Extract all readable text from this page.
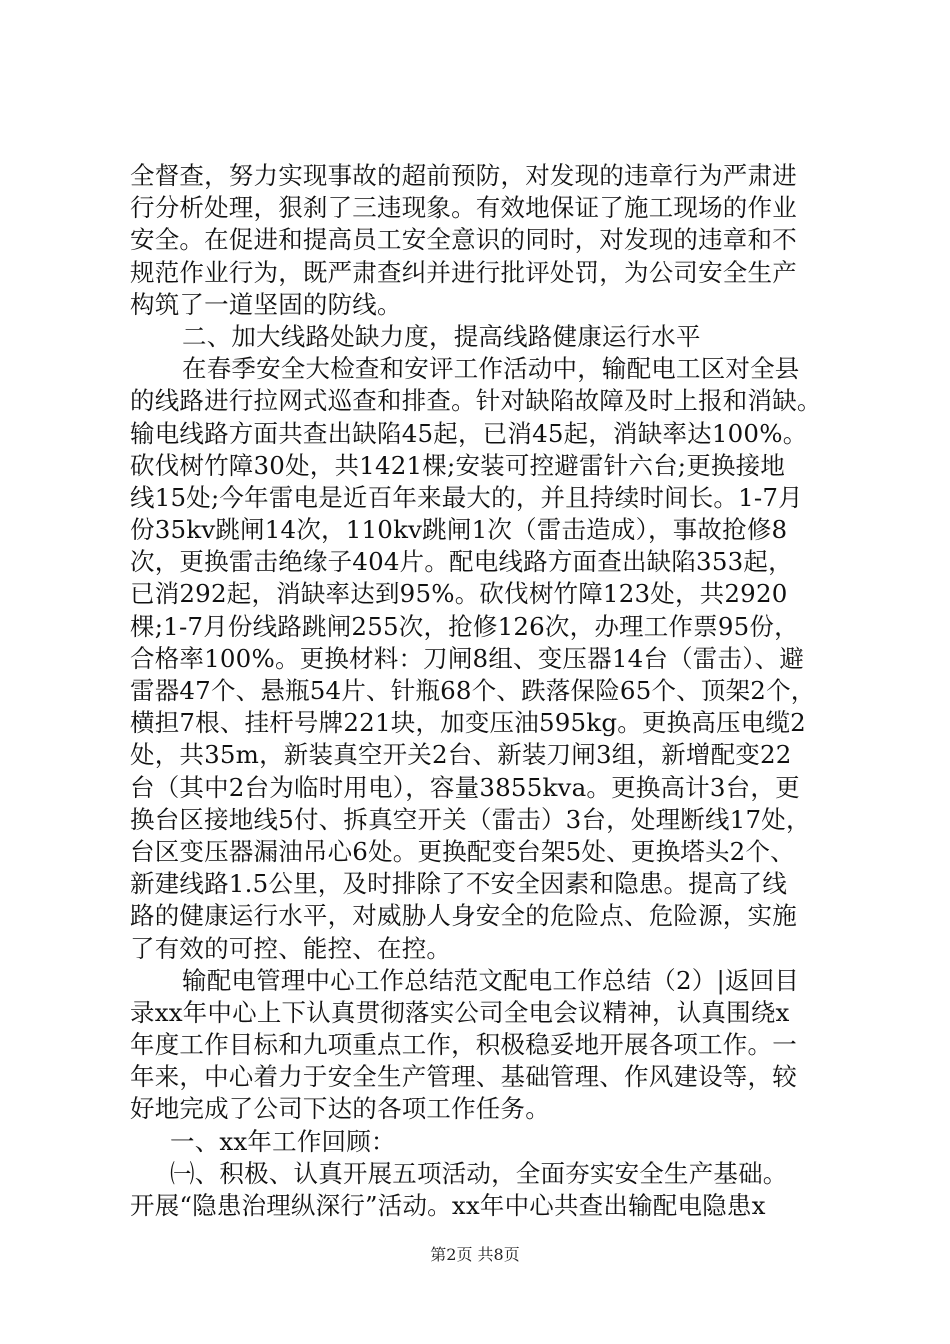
全督查，努力实现事故的超前预防，对发现的违章行为严肃进
行分析处理，狠刹了三违现象。有效地保证了施工现场的作业
安全。在促进和提高员工安全意识的同时，对发现的违章和不
规范作业行为，既严肃查纠并进行批评处罚，为公司安全生产
构筑了一道坚固的防线。
二、加大线路处缺力度，提高线路健康运行水平
在春季安全大检查和安评工作活动中，输配电工区对全县
的线路进行拉网式巡查和排查。针对缺陷故障及时上报和消缺。
输电线路方面共查出缺陷45起，已消45起，消缺率达100%。
砍伐树竹障30处，共1421棵;安装可控避雷针六台;更换接地
线15处;今年雷电是近百年来最大的，并且持续时间长。1-7月
份35kv跳闸14次，110kv跳闸1次（雷击造成），事故抢修8
次，更换雷击绝缘子404片。配电线路方面查出缺陷353起，
已消292起，消缺率达到95%。砍伐树竹障123处，共2920
棵;1-7月份线路跳闸255次，抢修126次，办理工作票95份，
合格率100%。更换材料：刀闸8组、变压器14台（雷击）、避
雷器47个、悬瓶54片、针瓶68个、跌落保险65个、顶架2个，
横担7根、挂杆号牌221块，加变压油595kg。更换高压电缆2
处，共35m，新装真空开关2台、新装刀闸3组，新增配变22
台（其中2台为临时用电），容量3855kva。更换高计3台，更
换台区接地线5付、拆真空开关（雷击）3台，处理断线17处，
台区变压器漏油吊心6处。更换配变台架5处、更换塔头2个、
新建线路1.5公里，及时排除了不安全因素和隐患。提高了线
路的健康运行水平，对威胁人身安全的危险点、危险源，实施
了有效的可控、能控、在控。
输配电管理中心工作总结范文配电工作总结（2）|返回目
录xx年中心上下认真贯彻落实公司全电会议精神，认真围绕x
年度工作目标和九项重点工作，积极稳妥地开展各项工作。一
年来，中心着力于安全生产管理、基础管理、作风建设等，较
好地完成了公司下达的各项工作任务。
一、xx年工作回顾：
㈠、积极、认真开展五项活动，全面夯实安全生产基础。
开展“隐患治理纵深行”活动。xx年中心共查出输配电隐患x
第2页 共8页
